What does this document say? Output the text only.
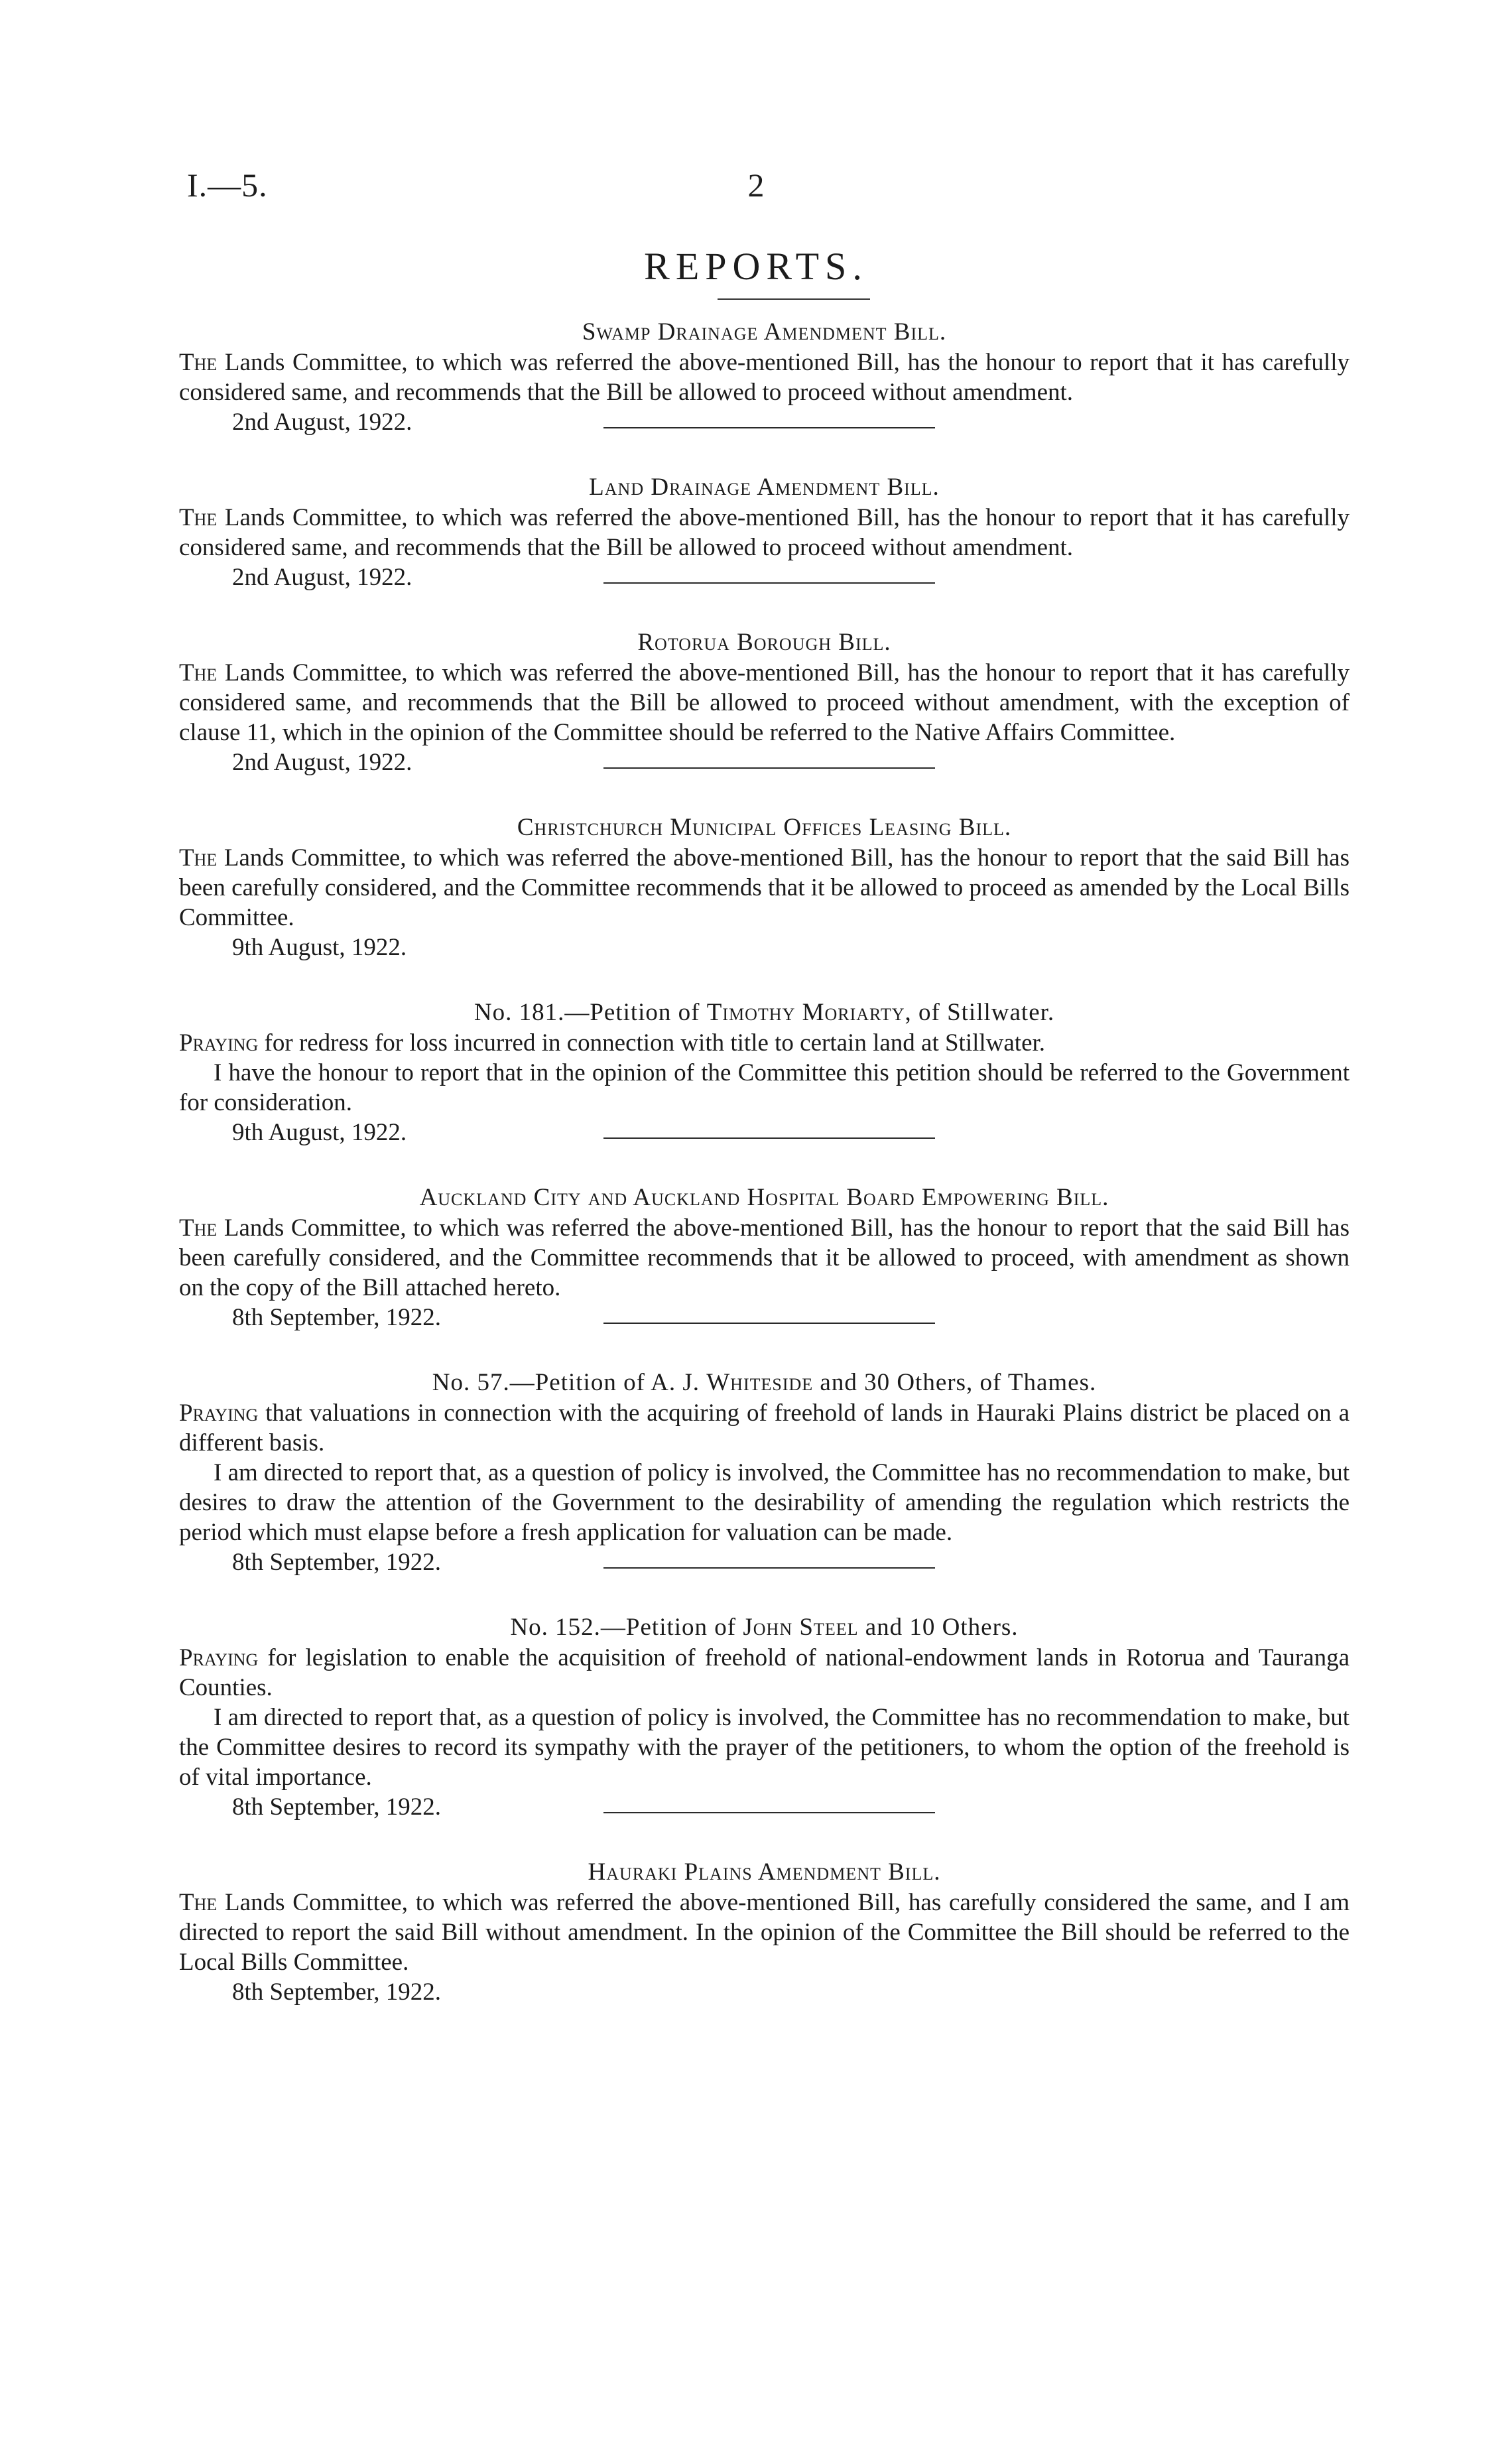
I.—5.	2
REPORTS.

Swamp Drainage Amendment Bill.

The Lands Committee, to which was referred the above-mentioned Bill, has the honour to report that it has carefully considered same, and recommends that the Bill be allowed to proceed without amendment.

2nd August, 1922.

Land Drainage Amendment Bill.

The Lands Committee, to which was referred the above-mentioned Bill, has the honour to report that it has carefully considered same, and recommends that the Bill be allowed to proceed without amendment.

2nd August, 1922.

Rotorua Borough Bill.

The Lands Committee, to which was referred the above-mentioned Bill, has the honour to report that it has carefully considered same, and recommends that the Bill be allowed to proceed without amendment, with the exception of clause 11, which in the opinion of the Committee should be referred to the Native Affairs Committee.

2nd August, 1922.

Christchurch Municipal Offices Leasing Bill.

The Lands Committee, to which was referred the above-mentioned Bill, has the honour to report that the said Bill has been carefully considered, and the Committee recommends that it be allowed to proceed as amended by the Local Bills Committee.

9th August, 1922.

No. 181.—Petition of Timothy Moriarty, of Stillwater.

Praying for redress for loss incurred in connection with title to certain land at Stillwater.

I have the honour to report that in the opinion of the Committee this petition should be referred to the Government for consideration.

9th August, 1922.

Auckland City and Auckland Hospital Board Empowering Bill.

The Lands Committee, to which was referred the above-mentioned Bill, has the honour to report that the said Bill has been carefully considered, and the Committee recommends that it be allowed to proceed, with amendment as shown on the copy of the Bill attached hereto.

8th September, 1922.

No. 57.—Petition of A. J. Whiteside and 30 Others, of Thames.

Praying that valuations in connection with the acquiring of freehold of lands in Hauraki Plains district be placed on a different basis.

I am directed to report that, as a question of policy is involved, the Committee has no recommendation to make, but desires to draw the attention of the Government to the desirability of amending the regulation which restricts the period which must elapse before a fresh application for valuation can be made.

8th September, 1922.

No. 152.—Petition of John Steel and 10 Others.

Praying for legislation to enable the acquisition of freehold of national-endowment lands in Rotorua and Tauranga Counties.

I am directed to report that, as a question of policy is involved, the Committee has no recommendation to make, but the Committee desires to record its sympathy with the prayer of the petitioners, to whom the option of the freehold is of vital importance.

8th September, 1922.

Hauraki Plains Amendment Bill.

The Lands Committee, to which was referred the above-mentioned Bill, has carefully considered the same, and I am directed to report the said Bill without amendment. In the opinion of the Committee the Bill should be referred to the Local Bills Committee.

8th September, 1922.
